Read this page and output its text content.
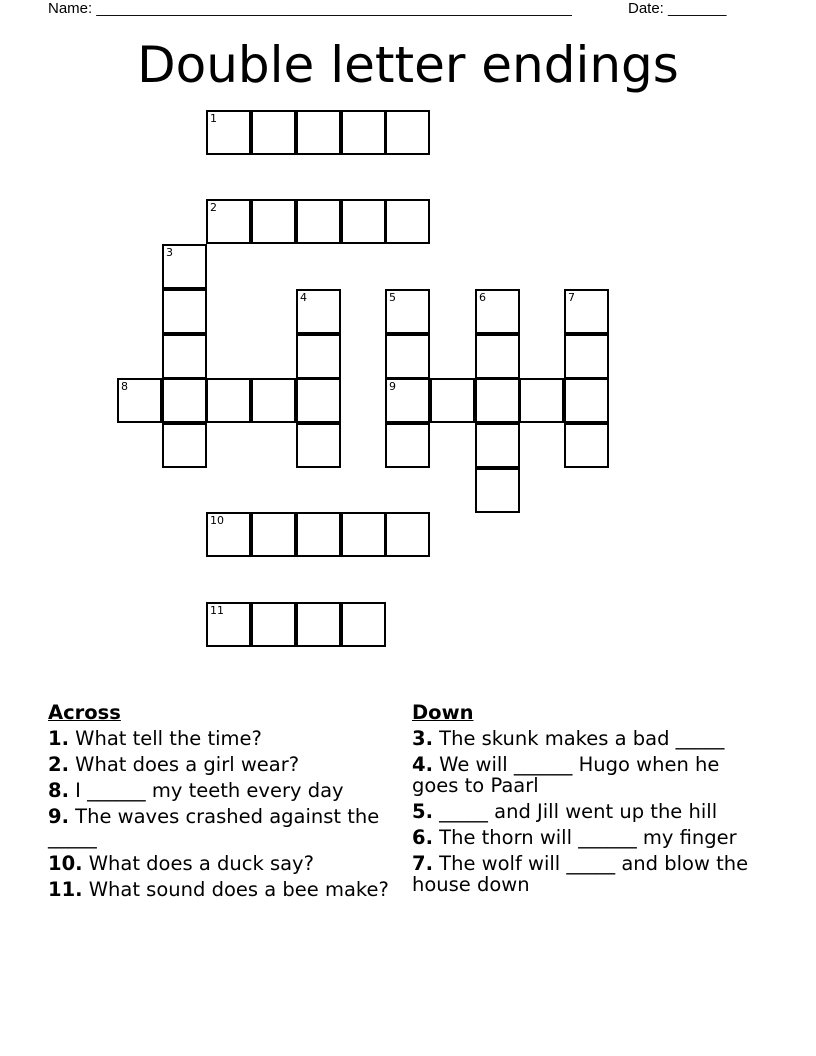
Name: _________________________________________________________	Date: _______
Double letter endings
1
2
3
4	5	6	7
8	9
10
11
Across
1. What tell the time?
2. What does a girl wear?
8. I ______ my teeth every day
9. The waves crashed against the _____
10. What does a duck say?
11. What sound does a bee make?
Down
3. The skunk makes a bad _____
4. We will ______ Hugo when he goes to Paarl
5. _____ and Jill went up the hill
6. The thorn will ______ my finger
7. The wolf will _____ and blow the house down
